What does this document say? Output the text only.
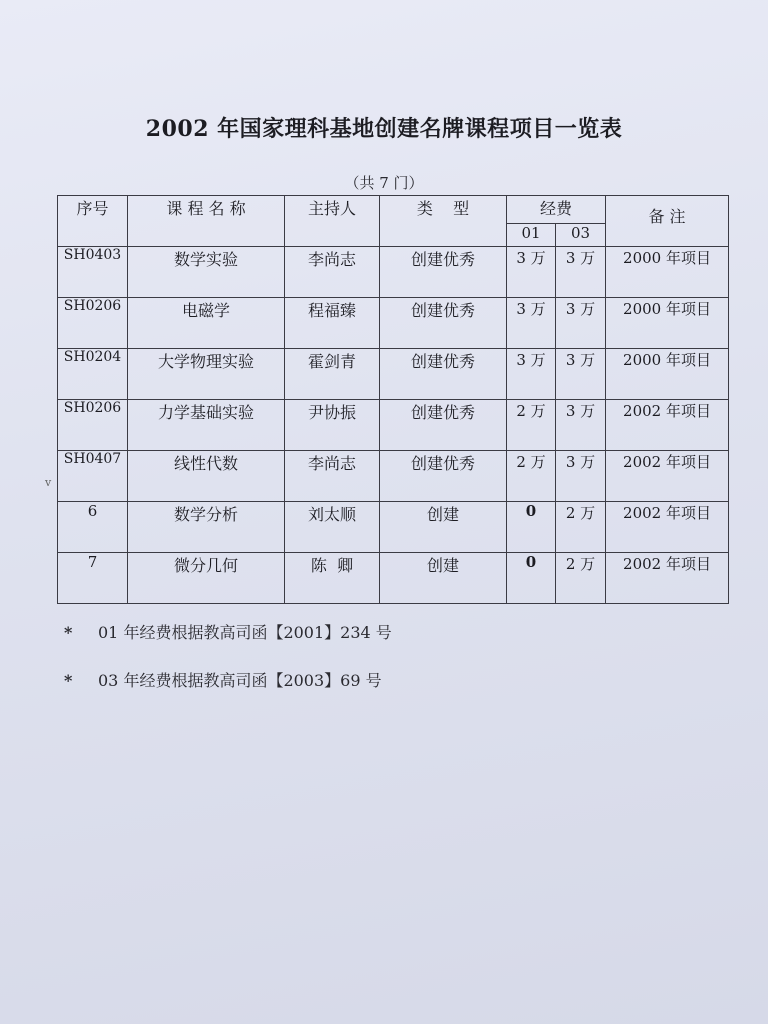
2002 年国家理科基地创建名牌课程项目一览表
（共 7 门）
序号	课 程 名 称	主持人	类    型	经费		备 注
				01	03	
SH0403	数学实验	李尚志	创建优秀	3 万	3 万	2000 年项目
SH0206	电磁学	程福臻	创建优秀	3 万	3 万	2000 年项目
SH0204	大学物理实验	霍剑青	创建优秀	3 万	3 万	2000 年项目
SH0206	力学基础实验	尹协振	创建优秀	2 万	3 万	2002 年项目
SH0407	线性代数	李尚志	创建优秀	2 万	3 万	2002 年项目
6	数学分析	刘太顺	创建	0	2 万	2002 年项目
7	微分几何	陈  卿	创建	0	2 万	2002 年项目
v
* 01 年经费根据教高司函【2001】234 号
* 03 年经费根据教高司函【2003】69 号
